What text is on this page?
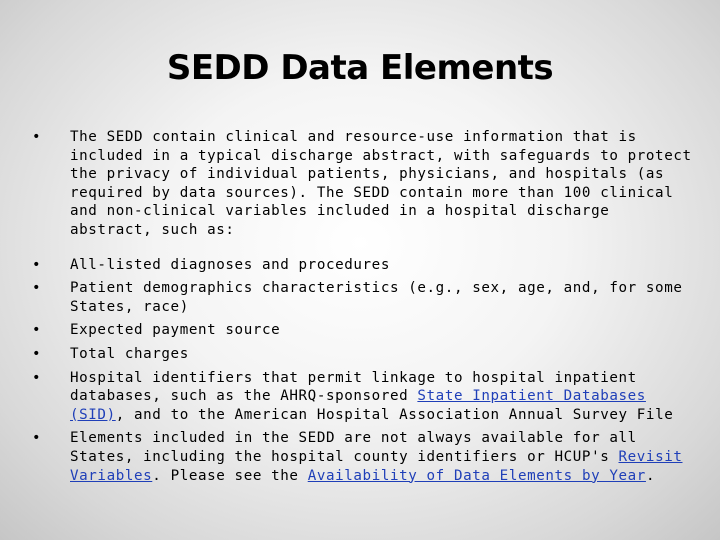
SEDD Data Elements
• The SEDD contain clinical and resource-use information that is included in a typical discharge abstract, with safeguards to protect the privacy of individual patients, physicians, and hospitals (as required by data sources). The SEDD contain more than 100 clinical and non-clinical variables included in a hospital discharge abstract, such as:
• All-listed diagnoses and procedures
• Patient demographics characteristics (e.g., sex, age, and, for some States, race)
• Expected payment source
• Total charges
• Hospital identifiers that permit linkage to hospital inpatient databases, such as the AHRQ-sponsored State Inpatient Databases (SID), and to the American Hospital Association Annual Survey File
• Elements included in the SEDD are not always available for all States, including the hospital county identifiers or HCUP's Revisit Variables. Please see the Availability of Data Elements by Year.
